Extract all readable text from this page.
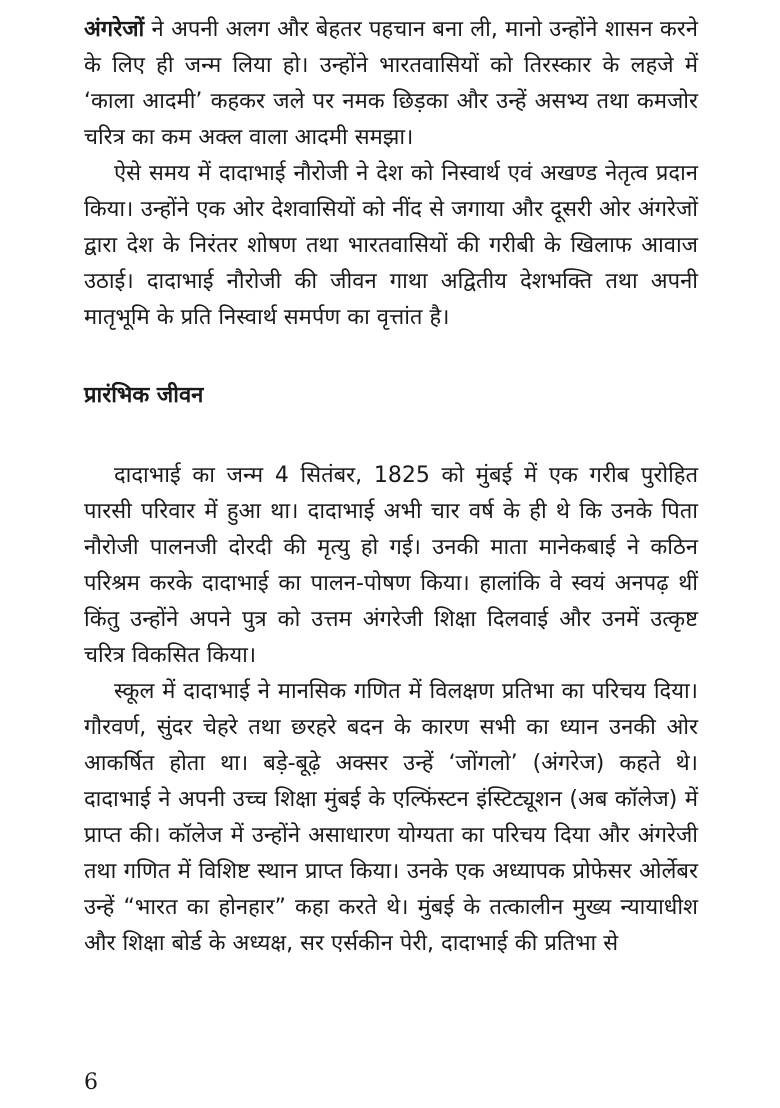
अंगरेजों ने अपनी अलग और बेहतर पहचान बना ली, मानो उन्होंने शासन करने के लिए ही जन्म लिया हो। उन्होंने भारतवासियों को तिरस्कार के लहजे में ‘काला आदमी’ कहकर जले पर नमक छिड़का और उन्हें असभ्य तथा कमजोर चरित्र का कम अक्ल वाला आदमी समझा।

ऐसे समय में दादाभाई नौरोजी ने देश को निस्वार्थ एवं अखण्ड नेतृत्व प्रदान किया। उन्होंने एक ओर देशवासियों को नींद से जगाया और दूसरी ओर अंगरेजों द्वारा देश के निरंतर शोषण तथा भारतवासियों की गरीबी के खिलाफ आवाज उठाई। दादाभाई नौरोजी की जीवन गाथा अद्वितीय देशभक्ति तथा अपनी मातृभूमि के प्रति निस्वार्थ समर्पण का वृत्तांत है।

प्रारंभिक जीवन

दादाभाई का जन्म 4 सितंबर, 1825 को मुंबई में एक गरीब पुरोहित पारसी परिवार में हुआ था। दादाभाई अभी चार वर्ष के ही थे कि उनके पिता नौरोजी पालनजी दोरदी की मृत्यु हो गई। उनकी माता मानेकबाई ने कठिन परिश्रम करके दादाभाई का पालन-पोषण किया। हालांकि वे स्वयं अनपढ़ थीं किंतु उन्होंने अपने पुत्र को उत्तम अंगरेजी शिक्षा दिलवाई और उनमें उत्कृष्ट चरित्र विकसित किया।

स्कूल में दादाभाई ने मानसिक गणित में विलक्षण प्रतिभा का परिचय दिया। गौरवर्ण, सुंदर चेहरे तथा छरहरे बदन के कारण सभी का ध्यान उनकी ओर आकर्षित होता था। बड़े-बूढ़े अक्सर उन्हें ‘जोंगलो’ (अंगरेज) कहते थे। दादाभाई ने अपनी उच्च शिक्षा मुंबई के एल्फिंस्टन इंस्टिट्यूशन (अब कॉलेज) में प्राप्त की। कॉलेज में उन्होंने असाधारण योग्यता का परिचय दिया और अंगरेजी तथा गणित में विशिष्ट स्थान प्राप्त किया। उनके एक अध्यापक प्रोफेसर ओर्लेबर उन्हें “भारत का होनहार” कहा करते थे। मुंबई के तत्कालीन मुख्य न्यायाधीश और शिक्षा बोर्ड के अध्यक्ष, सर एर्सकीन पेरी, दादाभाई की प्रतिभा से

6
